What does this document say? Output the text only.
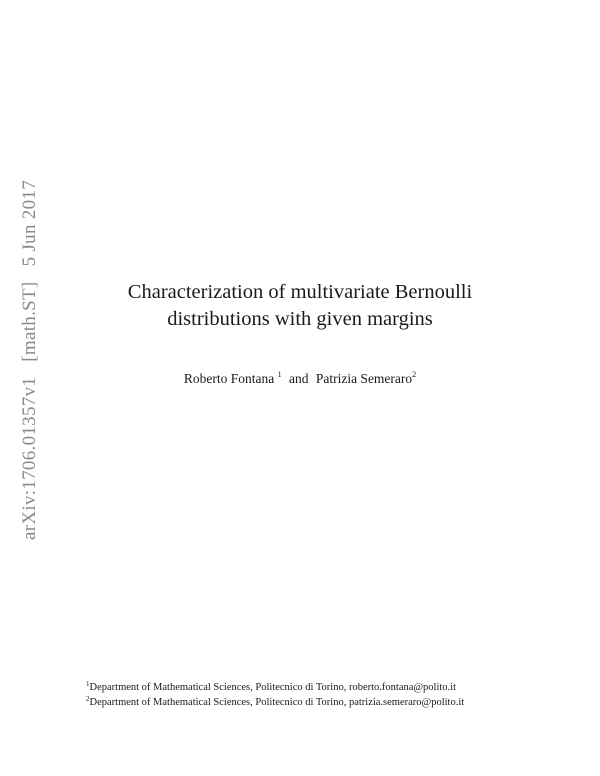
arXiv:1706.01357v1 [math.ST] 5 Jun 2017
Characterization of multivariate Bernoulli
distributions with given margins
Roberto Fontana $^1$ and Patrizia Semeraro$^2$
$^1$Department of Mathematical Sciences, Politecnico di Torino, roberto.fontana@polito.it
$^2$Department of Mathematical Sciences, Politecnico di Torino, patrizia.semeraro@polito.it
